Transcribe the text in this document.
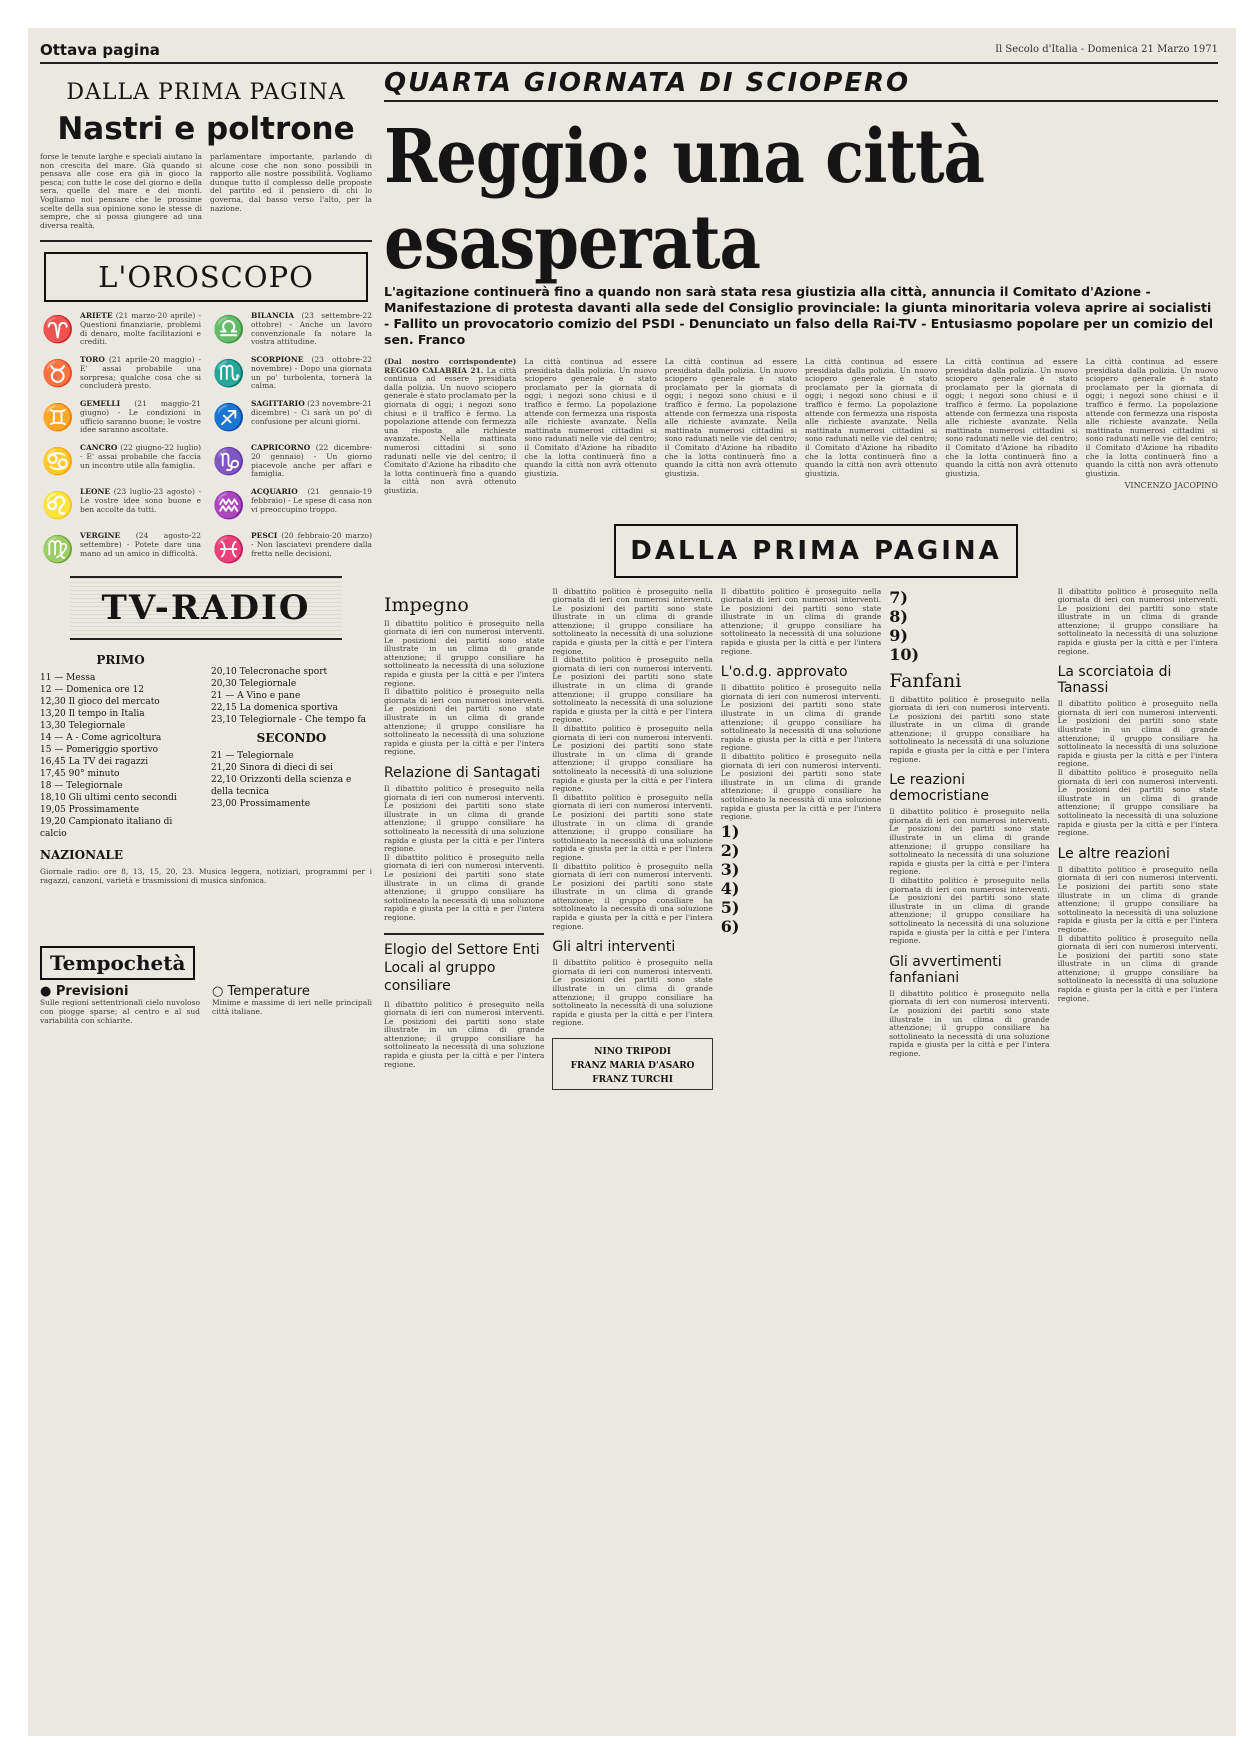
Ottava pagina	Il Secolo d'Italia - Domenica 21 Marzo 1971
DALLA PRIMA PAGINA
Nastri e poltrone
forse le tenute larghe e speciali aiutano la non crescita del mare. Già quando si pensava alle cose era già in gioco la pesca; con tutte le cose del giorno e della sera, quelle del mare e dei monti. Vogliamo noi pensare che le prossime scelte della sua opinione sono le stesse di sempre, che si possa giungere ad una diversa realtà.
parlamentare importante, parlando di alcune cose che non sono possibili in rapporto alle nostre possibilità. Vogliamo dunque tutto il complesso delle proposte del partito ed il pensiero di chi lo governa, dal basso verso l'alto, per la nazione.
L'OROSCOPO
♈ ARIETE (21 marzo-20 aprile) - Questioni finanziarie, problemi di denaro, molte facilitazioni e crediti.	♎ BILANCIA (23 settembre-22 ottobre) - Anche un lavoro convenzionale fa notare la vostra attitudine.
♉ TORO (21 aprile-20 maggio) - E' assai probabile una sorpresa; qualche cosa che si concluderà presto.	♏ SCORPIONE (23 ottobre-22 novembre) - Dopo una giornata un po' turbolenta, tornerà la calma.
♊ GEMELLI (21 maggio-21 giugno) - Le condizioni in ufficio saranno buone; le vostre idee saranno ascoltate.	♐ SAGITTARIO (23 novembre-21 dicembre) - Ci sarà un po' di confusione per alcuni giorni.
♋ CANCRO (22 giugno-22 luglio) - E' assai probabile che faccia un incontro utile alla famiglia. ♑ CAPRICORNO (22 dicembre-20 gennaio) - Un giorno piacevole anche per affari e famiglia.
♌ LEONE (23 luglio-23 agosto) - Le vostre idee sono buone e ben accolte da tutti.	♒ ACQUARIO (21 gennaio-19 febbraio) - Le spese di casa non vi preoccupino troppo.
♍ VERGINE (24 agosto-22 settembre) - Potete dare una mano ad un amico in difficoltà. ♓ PESCI (20 febbraio-20 marzo) - Non lasciatevi prendere dalla fretta nelle decisioni.
TV-RADIO
PRIMO
11 — Messa
12 — Domenica ore 12
12,30 Il gioco del mercato
13,20 Il tempo in Italia
13,30 Telegiornale
14 — A - Come agricoltura
15 — Pomeriggio sportivo
16,45 La TV dei ragazzi
17,45 90° minuto
18 — Telegiornale
18,10 Gli ultimi cento secondi
19,05 Prossimamente
19,20 Campionato italiano di calcio
20,10 Telecronache sport
20,30 Telegiornale
21 — A Vino e pane
22,15 La domenica sportiva
23,10 Telegiornale - Che tempo fa
SECONDO
21 — Telegiornale
21,20 Sinora di dieci di sei
22,10 Orizzonti della scienza e della tecnica
23,00 Prossimamente
NAZIONALE
Giornale radio: ore 8, 13, 15, 20, 23. Musica leggera, notiziari, programmi per i ragazzi, canzoni, varietà e trasmissioni di musica sinfonica.
Tempochetà
● Previsioni
Sulle regioni settentrionali cielo nuvoloso con piogge sparse; al centro e al sud variabilità con schiarite.
○ Temperature
Minime e massime di ieri nelle principali città italiane.
QUARTA GIORNATA DI SCIOPERO
Reggio: una città esasperata
L'agitazione continuerà fino a quando non sarà stata resa giustizia alla città, annuncia il Comitato d'Azione - Manifestazione di protesta davanti alla sede del Consiglio provinciale: la giunta minoritaria voleva aprire ai socialisti - Fallito un provocatorio comizio del PSDI - Denunciato un falso della Rai-TV - Entusiasmo popolare per un comizio del sen. Franco
(Dal nostro corrispondente) REGGIO CALABRIA 21. La città continua ad essere presidiata dalla polizia. Un nuovo sciopero generale è stato proclamato per la giornata di oggi; i negozi sono chiusi e il traffico è fermo. La popolazione attende con fermezza una risposta alle richieste avanzate. Nella mattinata numerosi cittadini si sono radunati nelle vie del centro; il Comitato d'Azione ha ribadito che la lotta continuerà fino a quando la città non avrà ottenuto giustizia.
La città continua ad essere presidiata dalla polizia. Un nuovo sciopero generale è stato proclamato per la giornata di oggi; i negozi sono chiusi e il traffico è fermo. La popolazione attende con fermezza una risposta alle richieste avanzate. Nella mattinata numerosi cittadini si sono radunati nelle vie del centro; il Comitato d'Azione ha ribadito che la lotta continuerà fino a quando la città non avrà ottenuto giustizia.
La città continua ad essere presidiata dalla polizia. Un nuovo sciopero generale è stato proclamato per la giornata di oggi; i negozi sono chiusi e il traffico è fermo. La popolazione attende con fermezza una risposta alle richieste avanzate. Nella mattinata numerosi cittadini si sono radunati nelle vie del centro; il Comitato d'Azione ha ribadito che la lotta continuerà fino a quando la città non avrà ottenuto giustizia.
La città continua ad essere presidiata dalla polizia. Un nuovo sciopero generale è stato proclamato per la giornata di oggi; i negozi sono chiusi e il traffico è fermo. La popolazione attende con fermezza una risposta alle richieste avanzate. Nella mattinata numerosi cittadini si sono radunati nelle vie del centro; il Comitato d'Azione ha ribadito che la lotta continuerà fino a quando la città non avrà ottenuto giustizia.
La città continua ad essere presidiata dalla polizia. Un nuovo sciopero generale è stato proclamato per la giornata di oggi; i negozi sono chiusi e il traffico è fermo. La popolazione attende con fermezza una risposta alle richieste avanzate. Nella mattinata numerosi cittadini si sono radunati nelle vie del centro; il Comitato d'Azione ha ribadito che la lotta continuerà fino a quando la città non avrà ottenuto giustizia.
La città continua ad essere presidiata dalla polizia. Un nuovo sciopero generale è stato proclamato per la giornata di oggi; i negozi sono chiusi e il traffico è fermo. La popolazione attende con fermezza una risposta alle richieste avanzate. Nella mattinata numerosi cittadini si sono radunati nelle vie del centro; il Comitato d'Azione ha ribadito che la lotta continuerà fino a quando la città non avrà ottenuto giustizia.
VINCENZO JACOPINO
DALLA PRIMA PAGINA
Impegno
Il dibattito politico è proseguito nella giornata di ieri con numerosi interventi. Le posizioni dei partiti sono state illustrate in un clima di grande attenzione; il gruppo consiliare ha sottolineato la necessità di una soluzione rapida e giusta per la città e per l'intera regione.
Il dibattito politico è proseguito nella giornata di ieri con numerosi interventi. Le posizioni dei partiti sono state illustrate in un clima di grande attenzione; il gruppo consiliare ha sottolineato la necessità di una soluzione rapida e giusta per la città e per l'intera regione.
Relazione di Santagati
Il dibattito politico è proseguito nella giornata di ieri con numerosi interventi. Le posizioni dei partiti sono state illustrate in un clima di grande attenzione; il gruppo consiliare ha sottolineato la necessità di una soluzione rapida e giusta per la città e per l'intera regione.
Il dibattito politico è proseguito nella giornata di ieri con numerosi interventi. Le posizioni dei partiti sono state illustrate in un clima di grande attenzione; il gruppo consiliare ha sottolineato la necessità di una soluzione rapida e giusta per la città e per l'intera regione.
Elogio del Settore Enti Locali al gruppo consiliare
Il dibattito politico è proseguito nella giornata di ieri con numerosi interventi. Le posizioni dei partiti sono state illustrate in un clima di grande attenzione; il gruppo consiliare ha sottolineato la necessità di una soluzione rapida e giusta per la città e per l'intera regione.
Il dibattito politico è proseguito nella giornata di ieri con numerosi interventi. Le posizioni dei partiti sono state illustrate in un clima di grande attenzione; il gruppo consiliare ha sottolineato la necessità di una soluzione rapida e giusta per la città e per l'intera regione.
Il dibattito politico è proseguito nella giornata di ieri con numerosi interventi. Le posizioni dei partiti sono state illustrate in un clima di grande attenzione; il gruppo consiliare ha sottolineato la necessità di una soluzione rapida e giusta per la città e per l'intera regione.
Il dibattito politico è proseguito nella giornata di ieri con numerosi interventi. Le posizioni dei partiti sono state illustrate in un clima di grande attenzione; il gruppo consiliare ha sottolineato la necessità di una soluzione rapida e giusta per la città e per l'intera regione.
Il dibattito politico è proseguito nella giornata di ieri con numerosi interventi. Le posizioni dei partiti sono state illustrate in un clima di grande attenzione; il gruppo consiliare ha sottolineato la necessità di una soluzione rapida e giusta per la città e per l'intera regione.
Il dibattito politico è proseguito nella giornata di ieri con numerosi interventi. Le posizioni dei partiti sono state illustrate in un clima di grande attenzione; il gruppo consiliare ha sottolineato la necessità di una soluzione rapida e giusta per la città e per l'intera regione.
Gli altri interventi
Il dibattito politico è proseguito nella giornata di ieri con numerosi interventi. Le posizioni dei partiti sono state illustrate in un clima di grande attenzione; il gruppo consiliare ha sottolineato la necessità di una soluzione rapida e giusta per la città e per l'intera regione.
NINO TRIPODI
FRANZ MARIA D'ASARO
FRANZ TURCHI
Il dibattito politico è proseguito nella giornata di ieri con numerosi interventi. Le posizioni dei partiti sono state illustrate in un clima di grande attenzione; il gruppo consiliare ha sottolineato la necessità di una soluzione rapida e giusta per la città e per l'intera regione.
L'o.d.g. approvato
Il dibattito politico è proseguito nella giornata di ieri con numerosi interventi. Le posizioni dei partiti sono state illustrate in un clima di grande attenzione; il gruppo consiliare ha sottolineato la necessità di una soluzione rapida e giusta per la città e per l'intera regione.
Il dibattito politico è proseguito nella giornata di ieri con numerosi interventi. Le posizioni dei partiti sono state illustrate in un clima di grande attenzione; il gruppo consiliare ha sottolineato la necessità di una soluzione rapida e giusta per la città e per l'intera regione.
1)
2)
3)
4)
5)
6)
7)
8)
9)
10)
Fanfani
Il dibattito politico è proseguito nella giornata di ieri con numerosi interventi. Le posizioni dei partiti sono state illustrate in un clima di grande attenzione; il gruppo consiliare ha sottolineato la necessità di una soluzione rapida e giusta per la città e per l'intera regione.
Le reazioni democristiane
Il dibattito politico è proseguito nella giornata di ieri con numerosi interventi. Le posizioni dei partiti sono state illustrate in un clima di grande attenzione; il gruppo consiliare ha sottolineato la necessità di una soluzione rapida e giusta per la città e per l'intera regione.
Il dibattito politico è proseguito nella giornata di ieri con numerosi interventi. Le posizioni dei partiti sono state illustrate in un clima di grande attenzione; il gruppo consiliare ha sottolineato la necessità di una soluzione rapida e giusta per la città e per l'intera regione.
Gli avvertimenti fanfaniani
Il dibattito politico è proseguito nella giornata di ieri con numerosi interventi. Le posizioni dei partiti sono state illustrate in un clima di grande attenzione; il gruppo consiliare ha sottolineato la necessità di una soluzione rapida e giusta per la città e per l'intera regione.
Il dibattito politico è proseguito nella giornata di ieri con numerosi interventi. Le posizioni dei partiti sono state illustrate in un clima di grande attenzione; il gruppo consiliare ha sottolineato la necessità di una soluzione rapida e giusta per la città e per l'intera regione.
La scorciatoia di Tanassi
Il dibattito politico è proseguito nella giornata di ieri con numerosi interventi. Le posizioni dei partiti sono state illustrate in un clima di grande attenzione; il gruppo consiliare ha sottolineato la necessità di una soluzione rapida e giusta per la città e per l'intera regione.
Il dibattito politico è proseguito nella giornata di ieri con numerosi interventi. Le posizioni dei partiti sono state illustrate in un clima di grande attenzione; il gruppo consiliare ha sottolineato la necessità di una soluzione rapida e giusta per la città e per l'intera regione.
Le altre reazioni
Il dibattito politico è proseguito nella giornata di ieri con numerosi interventi. Le posizioni dei partiti sono state illustrate in un clima di grande attenzione; il gruppo consiliare ha sottolineato la necessità di una soluzione rapida e giusta per la città e per l'intera regione.
Il dibattito politico è proseguito nella giornata di ieri con numerosi interventi. Le posizioni dei partiti sono state illustrate in un clima di grande attenzione; il gruppo consiliare ha sottolineato la necessità di una soluzione rapida e giusta per la città e per l'intera regione.
